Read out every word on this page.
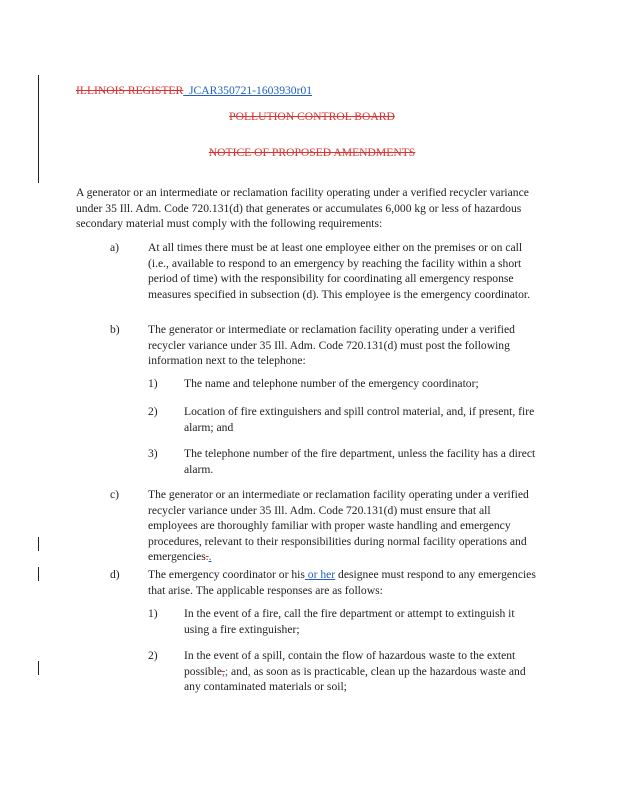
ILLINOIS REGISTER JCAR350721-1603930r01
POLLUTION CONTROL BOARD
NOTICE OF PROPOSED AMENDMENTS
A generator or an intermediate or reclamation facility operating under a verified recycler variance under 35 Ill. Adm. Code 720.131(d) that generates or accumulates 6,000 kg or less of hazardous secondary material must comply with the following requirements:
a) At all times there must be at least one employee either on the premises or on call (i.e., available to respond to an emergency by reaching the facility within a short period of time) with the responsibility for coordinating all emergency response measures specified in subsection (d). This employee is the emergency coordinator.
b) The generator or intermediate or reclamation facility operating under a verified recycler variance under 35 Ill. Adm. Code 720.131(d) must post the following information next to the telephone:
1) The name and telephone number of the emergency coordinator;
2) Location of fire extinguishers and spill control material, and, if present, fire alarm; and
3) The telephone number of the fire department, unless the facility has a direct alarm.
c) The generator or an intermediate or reclamation facility operating under a verified recycler variance under 35 Ill. Adm. Code 720.131(d) must ensure that all employees are thoroughly familiar with proper waste handling and emergency procedures, relevant to their responsibilities during normal facility operations and emergencies..
d) The emergency coordinator or his or her designee must respond to any emergencies that arise. The applicable responses are as follows:
1) In the event of a fire, call the fire department or attempt to extinguish it using a fire extinguisher;
2) In the event of a spill, contain the flow of hazardous waste to the extent possible,; and, as soon as is practicable, clean up the hazardous waste and any contaminated materials or soil;
